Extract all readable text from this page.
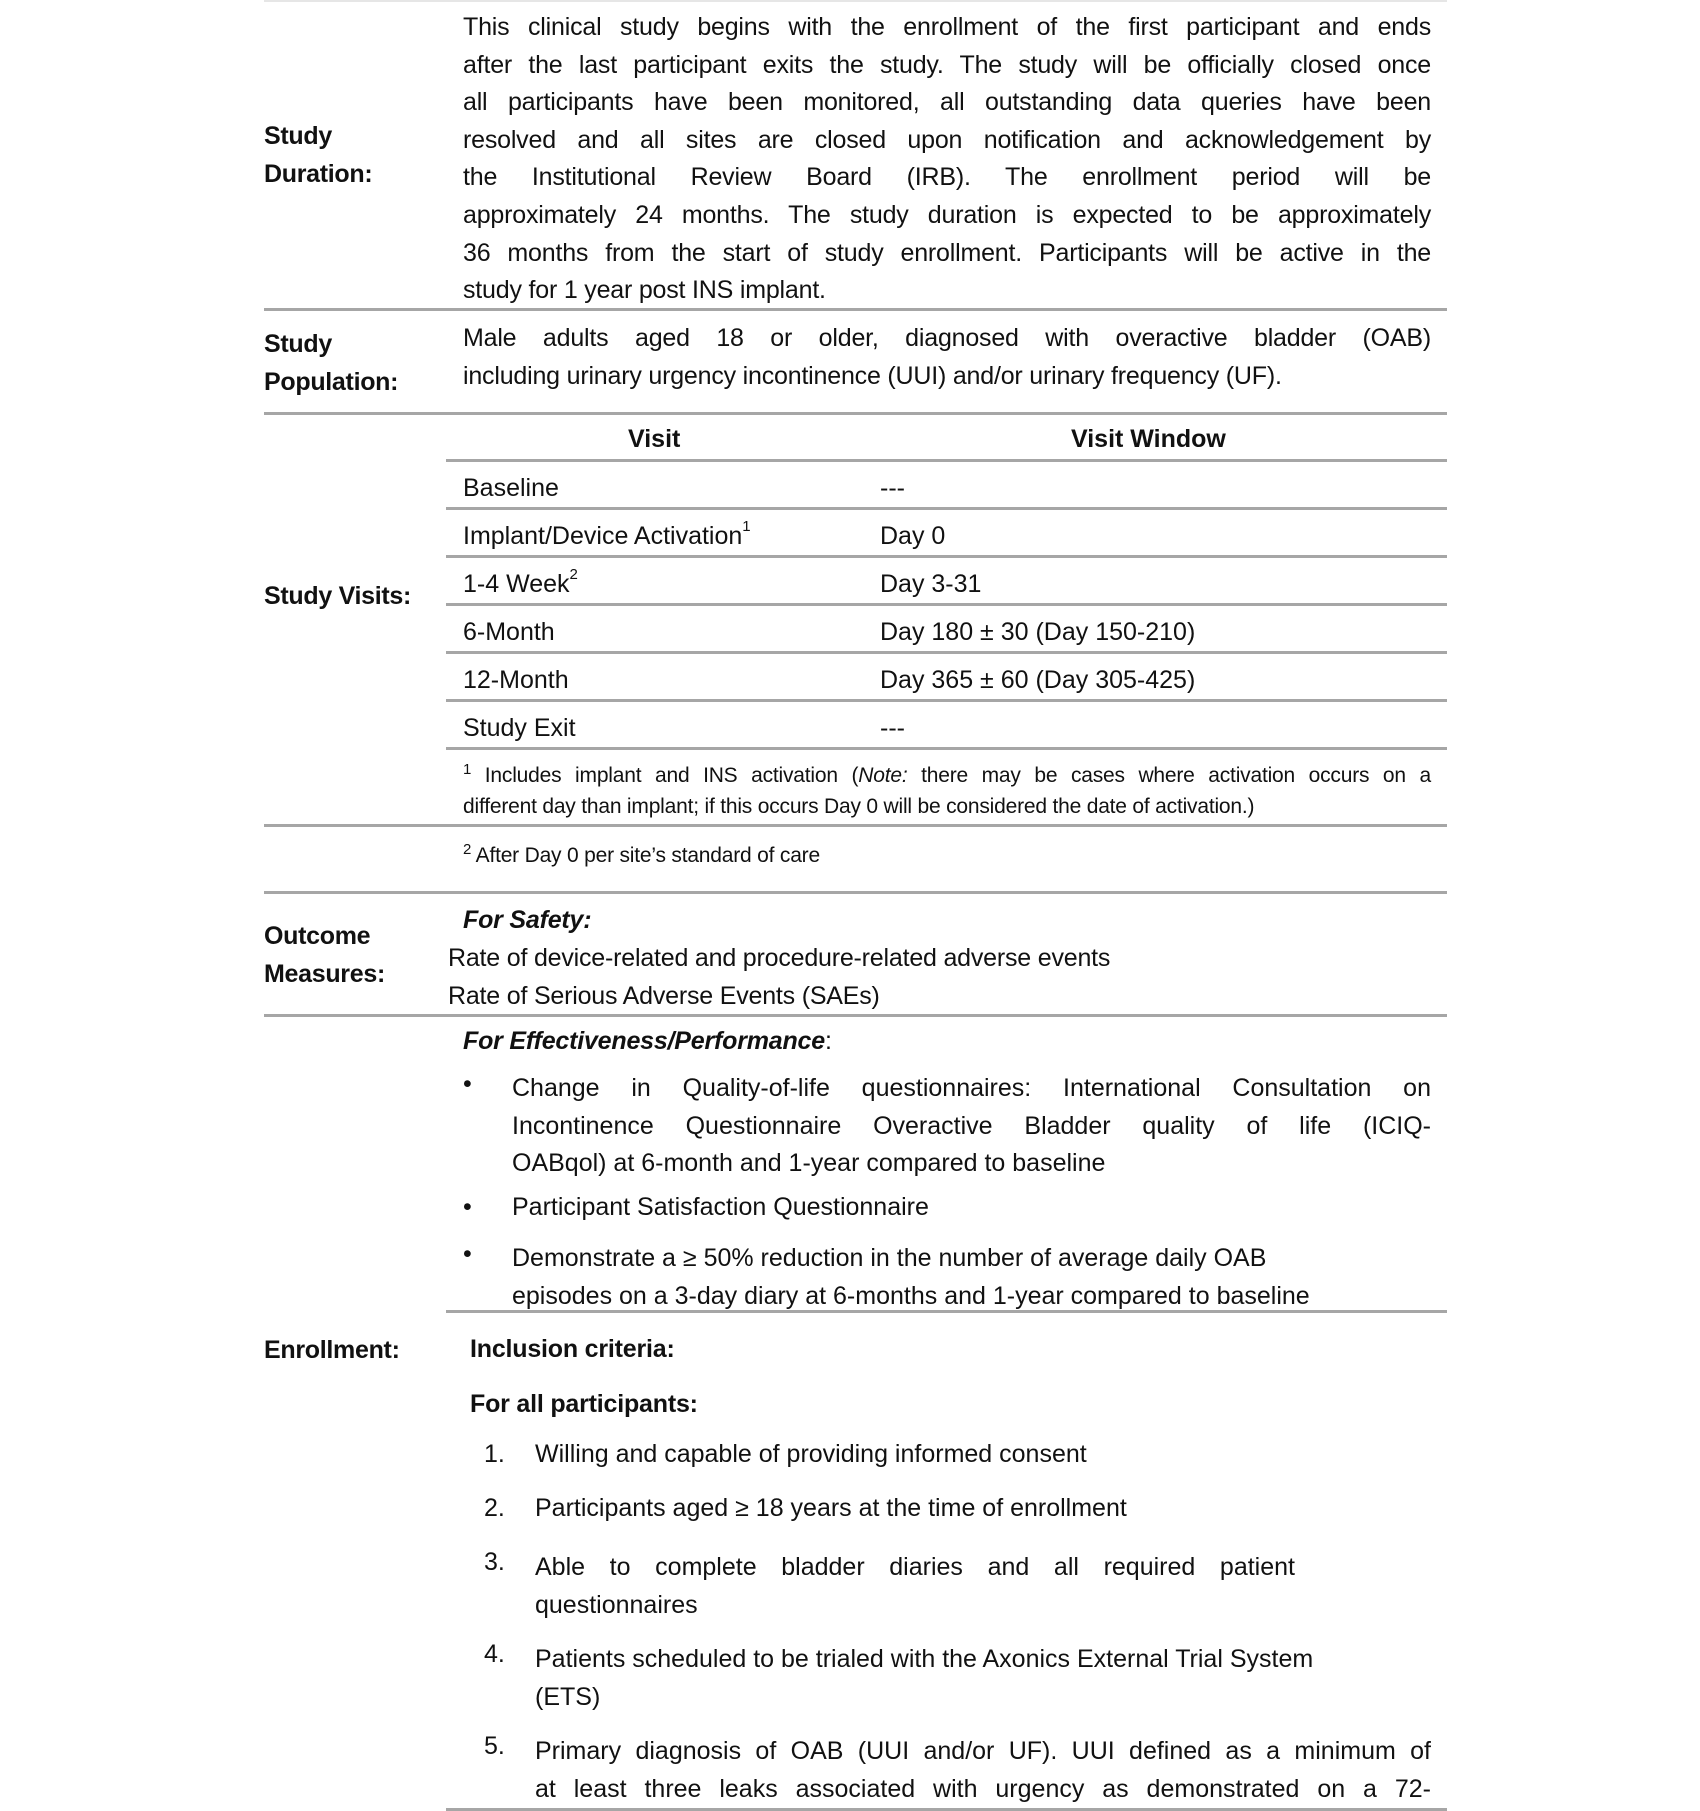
Study
Duration:
This clinical study begins with the enrollment of the first participant and ends
after the last participant exits the study. The study will be officially closed once
all participants have been monitored, all outstanding data queries have been
resolved and all sites are closed upon notification and acknowledgement by
the Institutional Review Board (IRB). The enrollment period will be
approximately 24 months. The study duration is expected to be approximately
36 months from the start of study enrollment. Participants will be active in the
study for 1 year post INS implant.
Study
Population:
Male adults aged 18 or older, diagnosed with overactive bladder (OAB)
including urinary urgency incontinence (UUI) and/or urinary frequency (UF).
Study Visits:
Visit	Visit Window
Baseline	---
Implant/Device Activation$^1$	Day 0
1-4 Week$^2$	Day 3-31
6-Month	Day 180 ± 30 (Day 150-210)
12-Month	Day 365 ± 60 (Day 305-425)
Study Exit	---
$^1$ Includes implant and INS activation (Note: there may be cases where activation occurs on a
different day than implant; if this occurs Day 0 will be considered the date of activation.)
$^2$ After Day 0 per site’s standard of care
Outcome
Measures:
For Safety:
Rate of device-related and procedure-related adverse events
Rate of Serious Adverse Events (SAEs)
For Effectiveness/Performance:
• Change in Quality-of-life questionnaires: International Consultation on
Incontinence Questionnaire Overactive Bladder quality of life (ICIQ-
OABqol) at 6-month and 1-year compared to baseline
• Participant Satisfaction Questionnaire
• Demonstrate a ≥ 50% reduction in the number of average daily OAB
episodes on a 3-day diary at 6-months and 1-year compared to baseline
Enrollment:	Inclusion criteria:
For all participants:
1. Willing and capable of providing informed consent
2. Participants aged ≥ 18 years at the time of enrollment
3. Able to complete bladder diaries and all required patient
questionnaires
4. Patients scheduled to be trialed with the Axonics External Trial System
(ETS)
5. Primary diagnosis of OAB (UUI and/or UF). UUI defined as a minimum of
at least three leaks associated with urgency as demonstrated on a 72-
